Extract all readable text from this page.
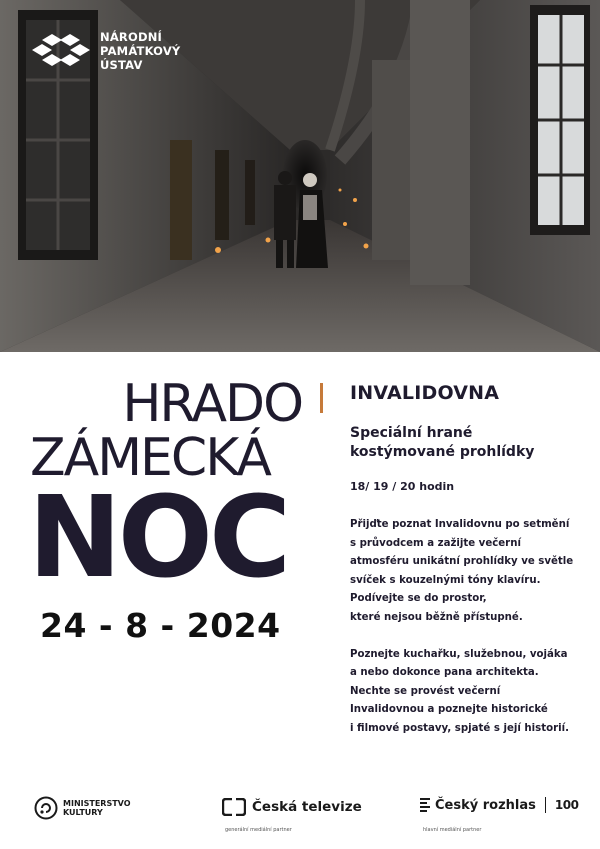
NÁRODNÍ
PAMÁTKOVÝ
ÚSTAV
HRADO
ZÁMECKÁ
NOC
24 - 8 - 2024
INVALIDOVNA
Speciální hrané
kostýmované prohlídky
18/ 19 / 20 hodin
Přijďte poznat Invalidovnu po setmění
s průvodcem a zažijte večerní
atmosféru unikátní prohlídky ve světle
svíček s kouzelnými tóny klavíru.
Podívejte se do prostor,
které nejsou běžně přístupné.
Poznejte kuchařku, služebnou, vojáka
a nebo dokonce pana architekta.
Nechte se provést večerní
Invalidovnou a poznejte historické
i filmové postavy, spjaté s její historií.
MINISTERSTVO
KULTURY	Česká televize
generální mediální partner
Český rozhlas 100
hlavní mediální partner
